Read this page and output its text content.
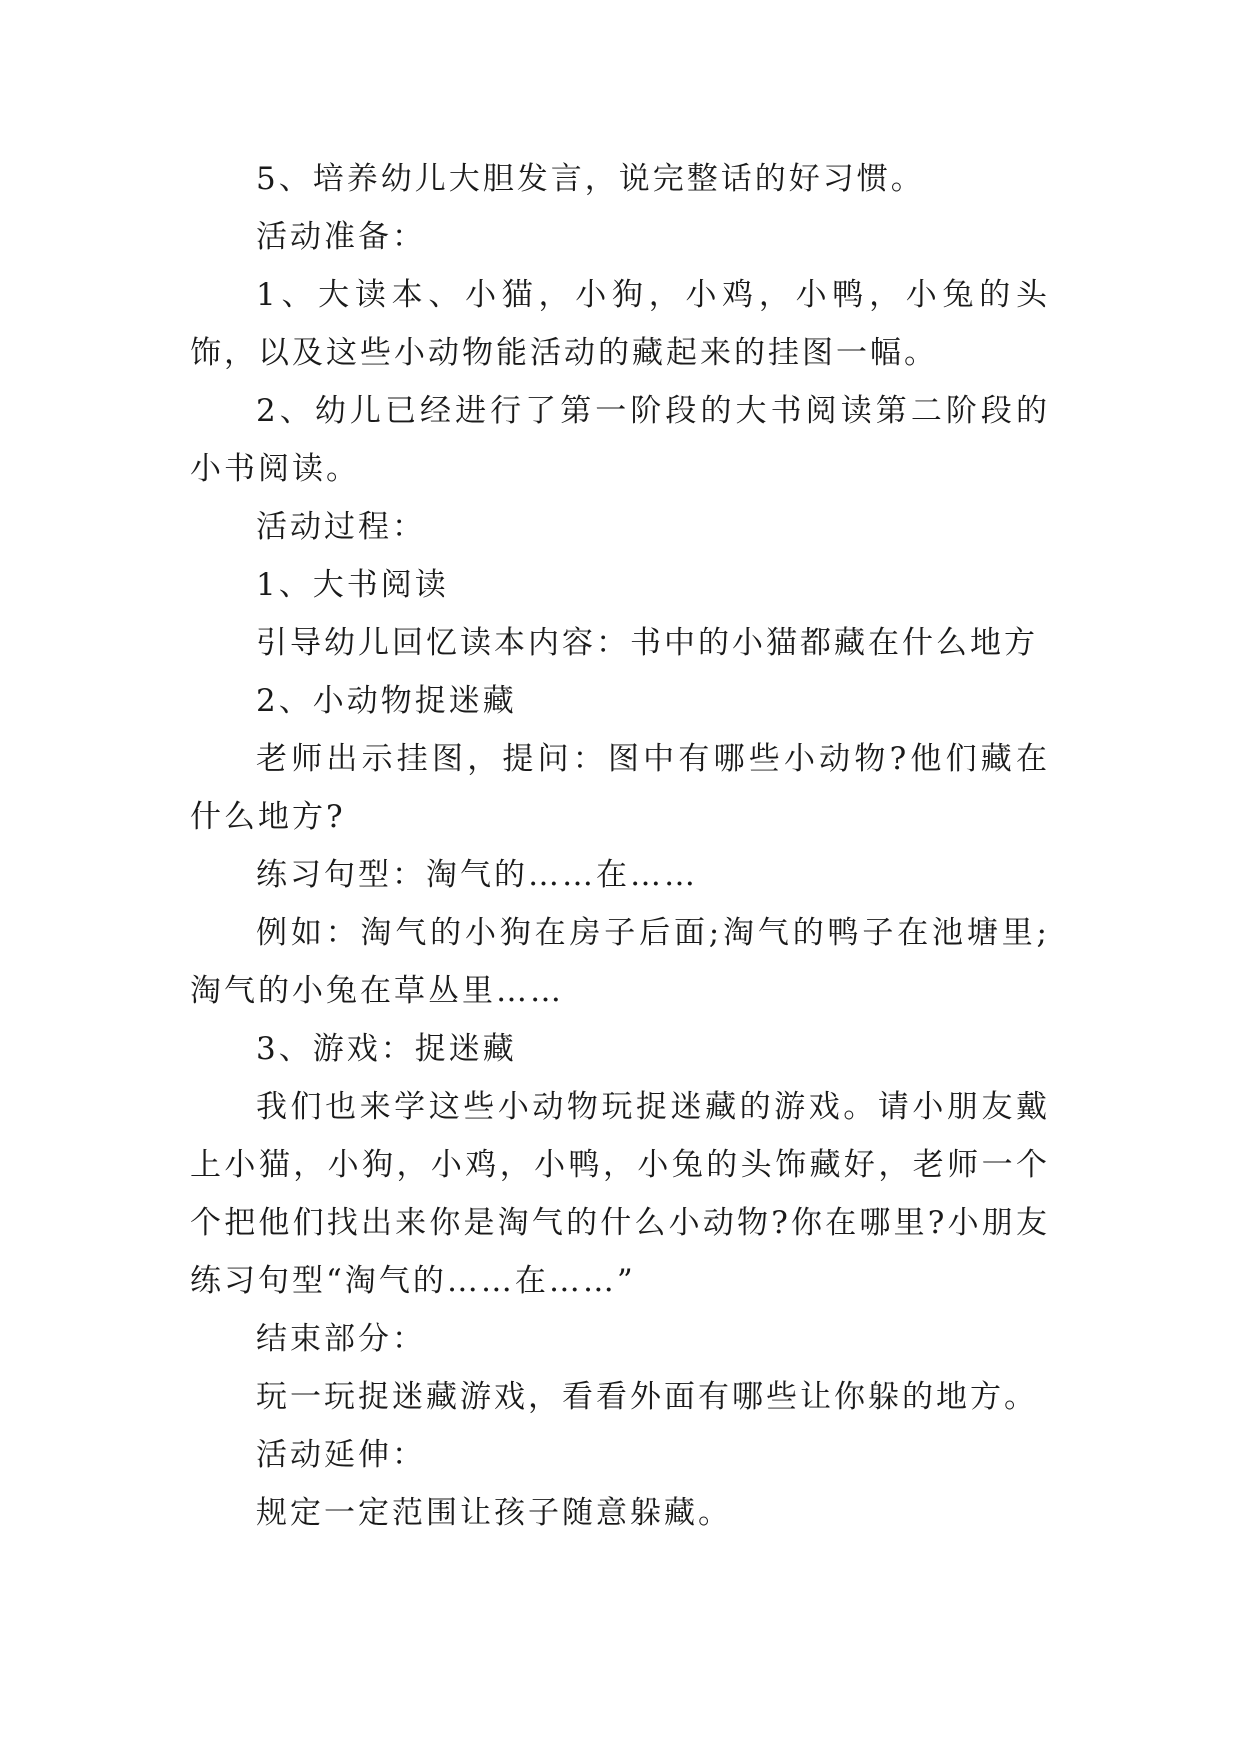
5、培养幼儿大胆发言，说完整话的好习惯。

活动准备：

1、大读本、小猫，小狗，小鸡，小鸭，小兔的头饰，以及这些小动物能活动的藏起来的挂图一幅。

2、幼儿已经进行了第一阶段的大书阅读第二阶段的小书阅读。

活动过程：

1、大书阅读

引导幼儿回忆读本内容：书中的小猫都藏在什么地方

2、小动物捉迷藏

老师出示挂图，提问：图中有哪些小动物?他们藏在什么地方?

练习句型：淘气的……在……

例如：淘气的小狗在房子后面;淘气的鸭子在池塘里;淘气的小兔在草丛里……

3、游戏：捉迷藏

我们也来学这些小动物玩捉迷藏的游戏。请小朋友戴上小猫，小狗，小鸡，小鸭，小兔的头饰藏好，老师一个个把他们找出来你是淘气的什么小动物?你在哪里?小朋友练习句型“淘气的……在……”

结束部分：

玩一玩捉迷藏游戏，看看外面有哪些让你躲的地方。

活动延伸：

规定一定范围让孩子随意躲藏。
